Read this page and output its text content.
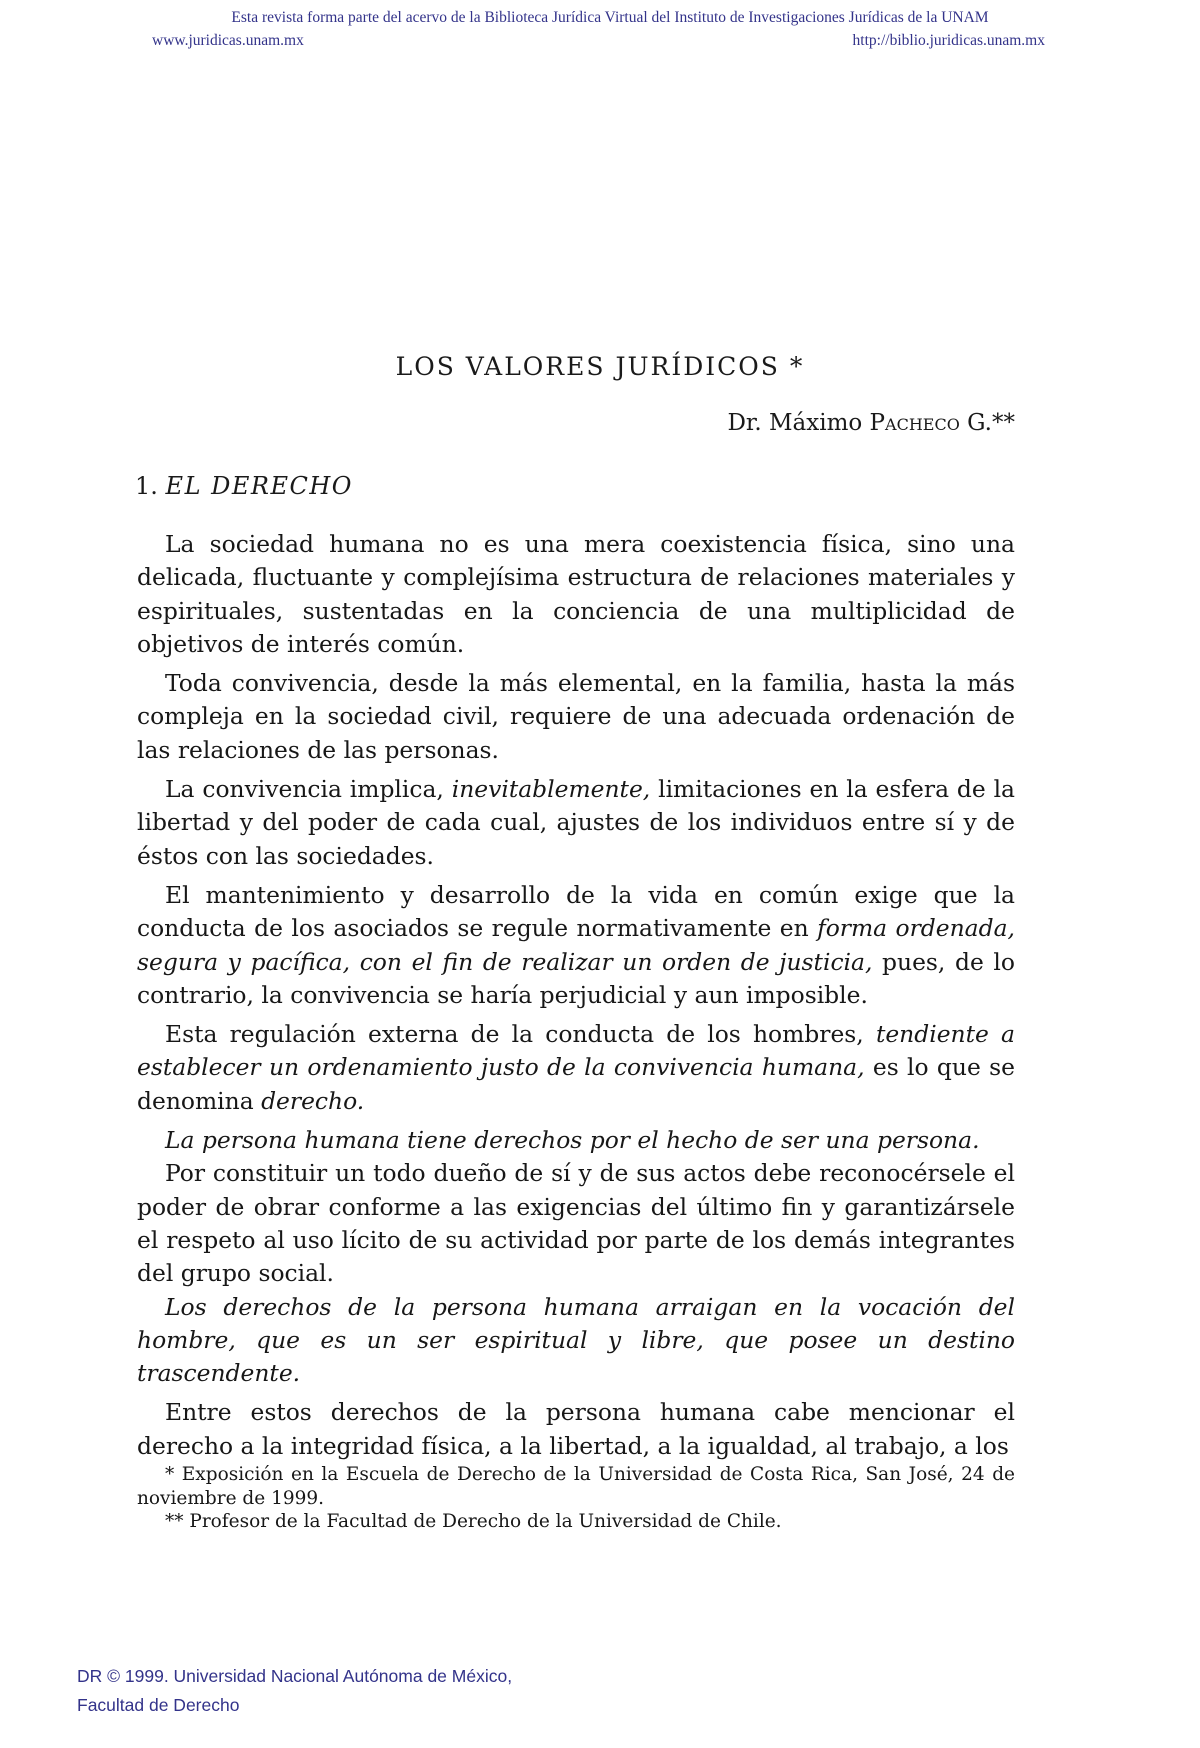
Esta revista forma parte del acervo de la Biblioteca Jurídica Virtual del Instituto de Investigaciones Jurídicas de la UNAM
www.juridicas.unam.mx	http://biblio.juridicas.unam.mx
LOS VALORES JURÍDICOS *
Dr. Máximo Pacheco G.**
1. EL DERECHO

La sociedad humana no es una mera coexistencia física, sino una delicada, fluctuante y complejísima estructura de relaciones materiales y espirituales, sustentadas en la conciencia de una multiplicidad de objetivos de interés común.

Toda convivencia, desde la más elemental, en la familia, hasta la más compleja en la sociedad civil, requiere de una adecuada ordenación de las relaciones de las personas.

La convivencia implica, inevitablemente, limitaciones en la esfera de la libertad y del poder de cada cual, ajustes de los individuos entre sí y de éstos con las sociedades.

El mantenimiento y desarrollo de la vida en común exige que la conducta de los asociados se regule normativamente en forma ordenada, segura y pacífica, con el fin de realizar un orden de justicia, pues, de lo contrario, la convivencia se haría perjudicial y aun imposible.

Esta regulación externa de la conducta de los hombres, tendiente a establecer un ordenamiento justo de la convivencia humana, es lo que se denomina derecho.

La persona humana tiene derechos por el hecho de ser una persona.

Por constituir un todo dueño de sí y de sus actos debe reconocérsele el poder de obrar conforme a las exigencias del último fin y garantizársele el respeto al uso lícito de su actividad por parte de los demás integrantes del grupo social.

Los derechos de la persona humana arraigan en la vocación del hombre, que es un ser espiritual y libre, que posee un destino trascendente.

Entre estos derechos de la persona humana cabe mencionar el derecho a la integridad física, a la libertad, a la igualdad, al trabajo, a los

* Exposición en la Escuela de Derecho de la Universidad de Costa Rica, San José, 24 de noviembre de 1999.

** Profesor de la Facultad de Derecho de la Universidad de Chile.

DR © 1999. Universidad Nacional Autónoma de México,
Facultad de Derecho
